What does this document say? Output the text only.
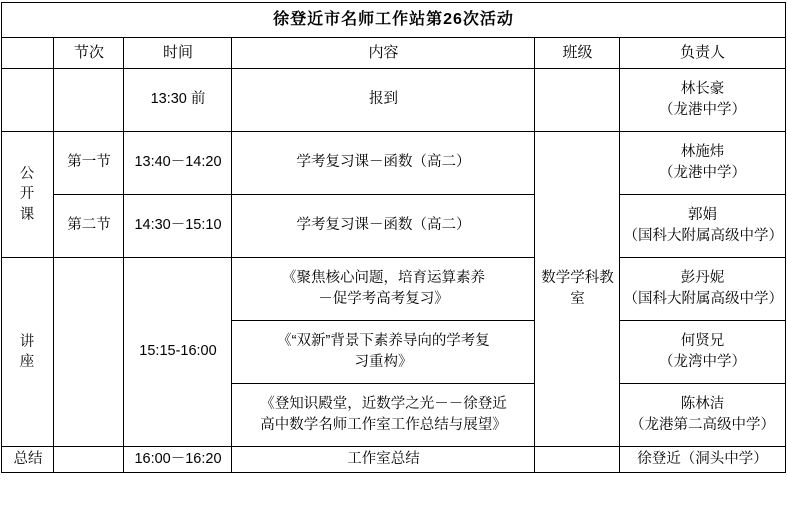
徐登近市名师工作站第26次活动					
	节次	时间	内容	班级	负责人
		13:30 前	报到		林长豪
（龙港中学）

公开课	第一节	13:40－14:20	学考复习课－函数（高二）	数学学科教室	林施炜
（龙港中学）

	第二节	14:30－15:10	学考复习课－函数（高二）		郭娟
（国科大附属高级中学）

讲座		15:15-16:00	《聚焦核心问题，培育运算素养
－促学考高考复习》		彭丹妮
（国科大附属高级中学）

			《“双新”背景下素养导向的学考复
习重构》		何贤兄
（龙湾中学）

			《登知识殿堂，近数学之光－－徐登近
高中数学名师工作室工作总结与展望》		陈林洁
（龙港第二高级中学）

总结		16:00－16:20	工作室总结		徐登近（洞头中学）
